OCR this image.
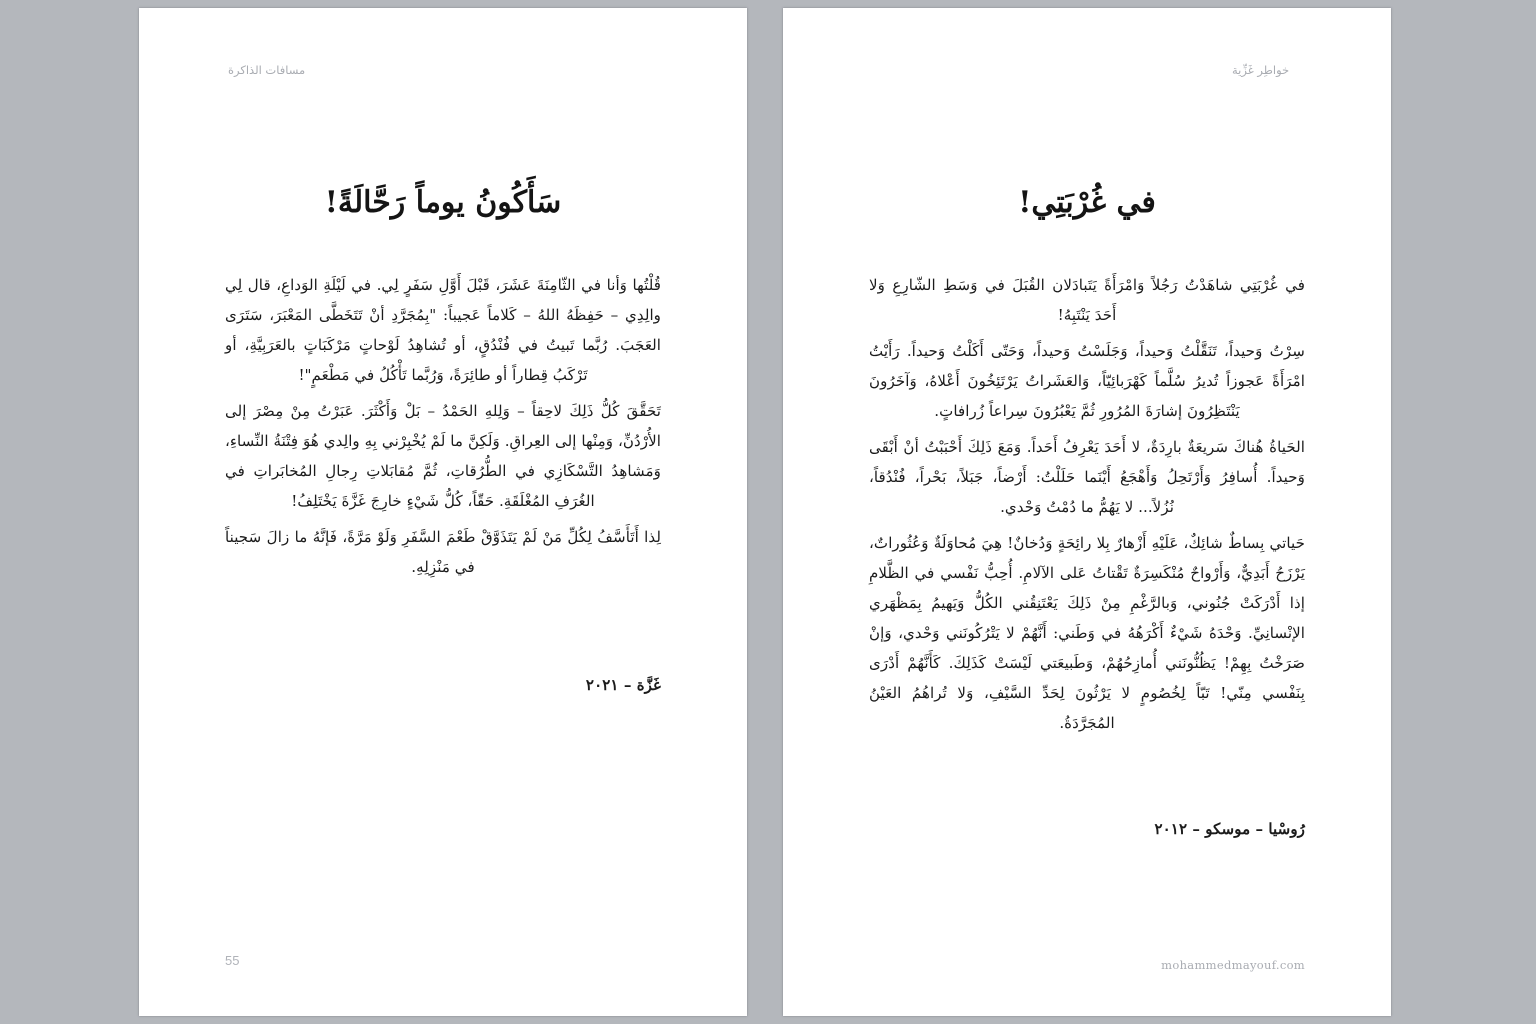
مسافات الذاكرة
سَأَكُونُ يوماً رَحَّالَةً!

قُلْتُها وَأنا في الثّامِنَةَ عَشَرَ، قَبْلَ أَوَّلِ سَفَرٍ لِي. في لَيْلَةِ الوَداعِ، قال لِي والِدِي – حَفِظَهُ اللهُ – كَلاماً عَجيباً: "بِمُجَرَّدِ أنْ تَتَخَطَّى المَعْبَرَ، سَتَرَى العَجَبَ. رُبَّما تَبيتُ في فُنْدُقٍ، أو تُشاهِدُ لَوْحاتٍ مَرْكَبَاتٍ بالعَرَبِيَّةِ، أو تَرْكَبُ قِطاراً أو طائِرَةً، وَرُبَّما تَأْكُلُ في مَطْعَمٍ"!

تَحَقَّقَ كُلُّ ذَلِكَ لاحِقاً – وَلِلهِ الحَمْدُ – بَلْ وَأَكْثَرَ. عَبَرْتُ مِنْ مِصْرَ إلى الأُرْدُنِّ، وَمِنْها إلى العِراقِ. وَلَكِنَّ ما لَمْ يُخْبِرْني بِهِ والِدي هُوَ فِتْنَةُ النِّساءِ، وَمَشاهِدُ التَّسْكَازِي في الطُّرُقاتِ، ثُمَّ مُقابَلاتِ رِجالِ المُخابَراتِ في الغُرَفِ المُغْلَقَةِ. حَقّاً، كُلُّ شَيْءٍ خارِجَ غَزَّةَ يَخْتَلِفُ!

لِذا أَتَأَسَّفُ لِكُلِّ مَنْ لَمْ يَتَذَوَّقْ طَعْمَ السَّفَرِ وَلَوْ مَرَّةً، فَإنَّهُ ما زالَ سَجيناً في مَنْزِلِهِ.

غَزَّة – ٢٠٢١
55
خواطِر غَزِّية
في غُرْبَتِي!

في غُرْبَتِي شاهَدْتُ رَجُلاً وَامْرَأَةً يَتَبادَلان القُبَلَ في وَسَطِ الشّارِعِ وَلا أَحَدَ يَنْتَبِهُ!

سِرْتُ وَحيداً، تَنَقَّلْتُ وَحيداً، وَجَلَسْتُ وَحيداً، وَحَتّى أَكَلْتُ وَحيداً. رَأَيْتُ امْرَأَةً عَجوزاً تُديرُ سُلَّماً كَهْرَبائِيّاً، وَالعَشَراتُ يَرْتَئِخُونَ أَعْلاهُ، وَآخَرُونَ يَنْتَظِرُونَ إشارَةَ المُرُورِ ثُمَّ يَعْبُرُونَ سِراعاً زُرافاتٍ.

الحَياةُ هُناكَ سَريعَةٌ بارِدَةٌ، لا أَحَدَ يَعْرِفُ أَحَداً. وَمَعَ ذَلِكَ أَحْبَبْتُ أنْ أَبْقَى وَحيداً. أُسافِرُ وَأَرْتَحِلُ وَأَهْجَعُ أَيْنَما حَلَلْتُ: أَرْضاً، جَبَلاً، بَحْراً، فُنْدُقاً، نُزُلاً... لا يَهُمُّ ما دُمْتُ وَحْدي.

حَياتي بِساطٌ شائِكٌ، عَلَيْهِ أَزْهارٌ بِلا رائِحَةٍ وَدُخانٌ! هِيَ مُحاوَلَةٌ وَعُثُوراتٌ، يَرْزَحُ أَبَدِيٌّ، وَأَرْواحٌ مُنْكَسِرَةٌ تَقْتاتُ عَلى الآلامِ. أُحِبُّ نَفْسي في الظَّلامِ إذا أَدْرَكَتْ جُنُوني، وَبالرَّغْمِ مِنْ ذَلِكَ يَعْتَنِقُني الكُلُّ وَيَهيمُ بِمَظْهَري الإنْسانِيِّ. وَحْدَهُ شَيْءٌ أَكْرَهُهُ في وَطَني: أَنَّهُمْ لا يَتْرُكُونَني وَحْدي، وَإنْ صَرَخْتُ بِهِمْ! يَظُنُّونَني أُمازِحُهُمْ، وَطَبيعَتي لَيْسَتْ كَذَلِكَ. كَأَنَّهُمْ أَدْرَى بِنَفْسي مِنّي! تَبّاً لِخُصُومٍ لا يَرْثُونَ لِحَدِّ السَّيْفِ، وَلا تُراهُمُ العَيْنُ المُجَرَّدَةُ.

رُوسْيا – موسكو – ٢٠١٢
mohammedmayouf.com
